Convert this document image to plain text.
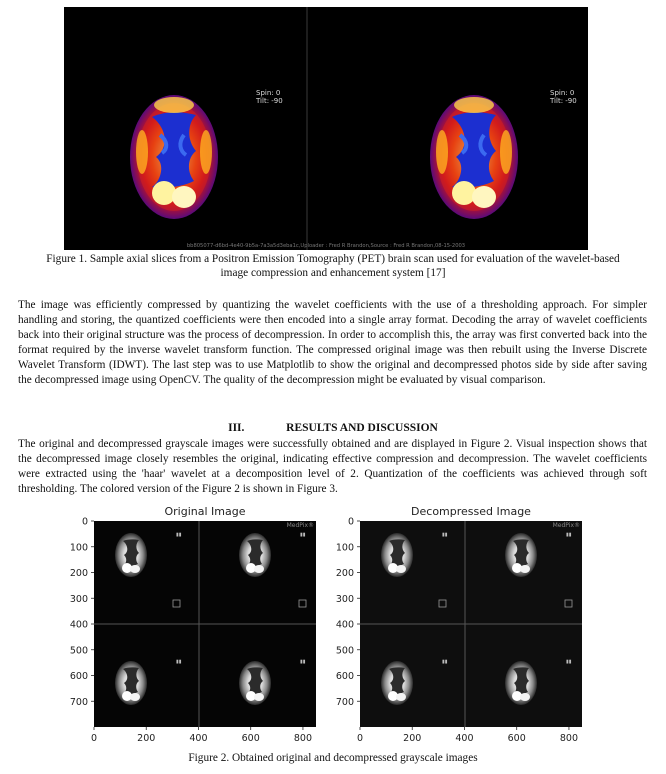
Spin: 0
Tilt: -90
Spin: 0
Tilt: -90
bb805077-d6bd-4e40-9b5a-7a3a5d3eba1c,Uploader : Fred R Brandon,Source : Fred R Brandon,08-15-2003
Figure 1. Sample axial slices from a Positron Emission Tomography (PET) brain scan used for evaluation of the wavelet-based
image compression and enhancement system [17]
The image was efficiently compressed by quantizing the wavelet coefficients with the use of a thresholding approach. For simpler handling and storing, the quantized coefficients were then encoded into a single array format. Decoding the array of wavelet coefficients back into their original structure was the process of decompression. In order to accomplish this, the array was first converted back into the format required by the inverse wavelet transform function. The compressed original image was then rebuilt using the Inverse Discrete Wavelet Transform (IDWT). The last step was to use Matplotlib to show the original and decompressed photos side by side after saving the decompressed image using OpenCV. The quality of the decompression might be evaluated by visual comparison.
III.	RESULTS AND DISCUSSION
The original and decompressed grayscale images were successfully obtained and are displayed in Figure 2. Visual inspection shows that the decompressed image closely resembles the original, indicating effective compression and decompression. The wavelet coefficients were extracted using the 'haar' wavelet at a decomposition level of 2. Quantization of the coefficients was achieved through soft thresholding. The colored version of the Figure 2 is shown in Figure 3.
Original Image	Decompressed Image
▮▮	▮▮
▮▮	▮▮
MedPix®
▮▮	▮▮
▮▮	▮▮
MedPix®
0
100
200
300
400
500
600
700
0	200	400	600	800
0
100
200
300
400
500
600
700
0	200	400	600	800
Figure 2. Obtained original and decompressed grayscale images
